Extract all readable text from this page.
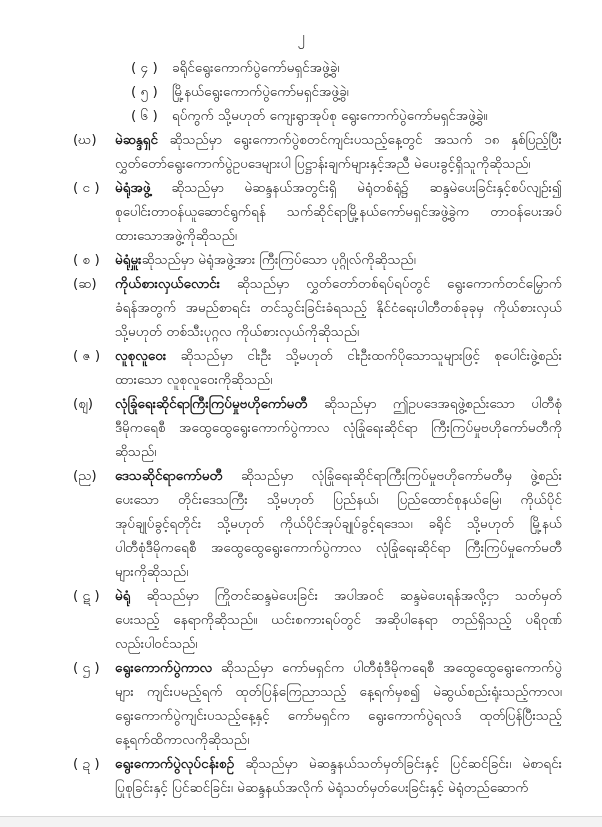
၂
( ၄ )	ခရိုင်ရွေးကောက်ပွဲကော်မရှင်အဖွဲ့ခွဲ၊
( ၅ )	မြို့နယ်ရွေးကောက်ပွဲကော်မရှင်အဖွဲ့ခွဲ၊
( ၆ )	ရပ်ကွက် သို့မဟုတ် ကျေးရွာအုပ်စု ရွေးကောက်ပွဲကော်မရှင်အဖွဲ့ခွဲ။
(ဃ)	မဲဆန္ဒရှင် ဆိုသည်မှာ ရွေးကောက်ပွဲစတင်ကျင်းပသည့်နေ့တွင် အသက် ၁၈ နှစ်ပြည့်ပြီး
လွှတ်တော်ရွေးကောက်ပွဲဥပဒေများပါ ပြဋ္ဌာန်းချက်များနှင့်အညီ မဲပေးခွင့်ရှိသူကိုဆိုသည်၊
( င )	မဲရုံအဖွဲ့ ဆိုသည်မှာ မဲဆန္ဒနယ်အတွင်းရှိ မဲရုံတစ်ရုံ၌ ဆန္ဒမဲပေးခြင်းနှင့်စပ်လျဉ်း၍
စုပေါင်းတာဝန်ယူဆောင်ရွက်ရန် သက်ဆိုင်ရာမြို့နယ်ကော်မရှင်အဖွဲ့ခွဲက တာဝန်ပေးအပ်
ထားသောအဖွဲ့ကိုဆိုသည်၊
( စ )	မဲရုံမှူးဆိုသည်မှာ မဲရုံအဖွဲ့အား ကြီးကြပ်သော ပုဂ္ဂိုလ်ကိုဆိုသည်၊
(ဆ)	ကိုယ်စားလှယ်လောင်း ဆိုသည်မှာ လွှတ်တော်တစ်ရပ်ရပ်တွင် ရွေးကောက်တင်မြှောက်
ခံရန်အတွက် အမည်စာရင်း တင်သွင်းခြင်းခံရသည့် နိုင်ငံရေးပါတီတစ်ခုခုမှ ကိုယ်စားလှယ်
သို့မဟုတ် တစ်သီးပုဂ္ဂလ ကိုယ်စားလှယ်ကိုဆိုသည်၊
( ဇ )	လူစုလူဝေး ဆိုသည်မှာ ငါးဦး သို့မဟုတ် ငါးဦးထက်ပိုသောသူများဖြင့် စုပေါင်းဖွဲ့စည်း
ထားသော လူစုလူဝေးကိုဆိုသည်၊
(ဈ)	လုံခြုံရေးဆိုင်ရာကြီးကြပ်မှုဗဟိုကော်မတီ ဆိုသည်မှာ ဤဥပဒေအရဖွဲ့စည်းသော ပါတီစုံ
ဒီမိုကရေစီ အထွေထွေရွေးကောက်ပွဲကာလ လုံခြုံရေးဆိုင်ရာ ကြီးကြပ်မှုဗဟိုကော်မတီကို
ဆိုသည်၊
(ည)	ဒေသဆိုင်ရာကော်မတီ ဆိုသည်မှာ လုံခြုံရေးဆိုင်ရာကြီးကြပ်မှုဗဟိုကော်မတီမှ ဖွဲ့စည်း
ပေးသော တိုင်းဒေသကြီး သို့မဟုတ် ပြည်နယ်၊ ပြည်ထောင်စုနယ်မြေ၊ ကိုယ်ပိုင်
အုပ်ချုပ်ခွင့်ရတိုင်း သို့မဟုတ် ကိုယ်ပိုင်အုပ်ချုပ်ခွင့်ရဒေသ၊ ခရိုင် သို့မဟုတ် မြို့နယ်
ပါတီစုံဒီမိုကရေစီ အထွေထွေရွေးကောက်ပွဲကာလ လုံခြုံရေးဆိုင်ရာ ကြီးကြပ်မှုကော်မတီ
များကိုဆိုသည်၊
( ဋ )	မဲရုံ ဆိုသည်မှာ ကြိုတင်ဆန္ဒမဲပေးခြင်း အပါအဝင် ဆန္ဒမဲပေးရန်အလို့ငှာ သတ်မှတ်
ပေးသည့် နေရာကိုဆိုသည်။ ယင်းစကားရပ်တွင် အဆိုပါနေရာ တည်ရှိသည့် ပရိဝုဏ်
လည်းပါဝင်သည်၊
( ဌ )	ရွေးကောက်ပွဲကာလ ဆိုသည်မှာ ကော်မရှင်က ပါတီစုံဒီမိုကရေစီ အထွေထွေရွေးကောက်ပွဲ
များ ကျင်းပမည့်ရက် ထုတ်ပြန်ကြေညာသည့် နေ့ရက်မှစ၍ မဲဆွယ်စည်းရုံးသည့်ကာလ၊
ရွေးကောက်ပွဲကျင်းပသည့်နေ့နှင့် ကော်မရှင်က ရွေးကောက်ပွဲရလဒ် ထုတ်ပြန်ပြီးသည့်
နေ့ရက်ထိကာလကိုဆိုသည်၊
( ဍ )	ရွေးကောက်ပွဲလုပ်ငန်းစဉ် ဆိုသည်မှာ မဲဆန္ဒနယ်သတ်မှတ်ခြင်းနှင့် ပြင်ဆင်ခြင်း၊ မဲစာရင်း
ပြုစုခြင်းနှင့် ပြင်ဆင်ခြင်း၊ မဲဆန္ဒနယ်အလိုက် မဲရုံသတ်မှတ်ပေးခြင်းနှင့် မဲရုံတည်ဆောက်
